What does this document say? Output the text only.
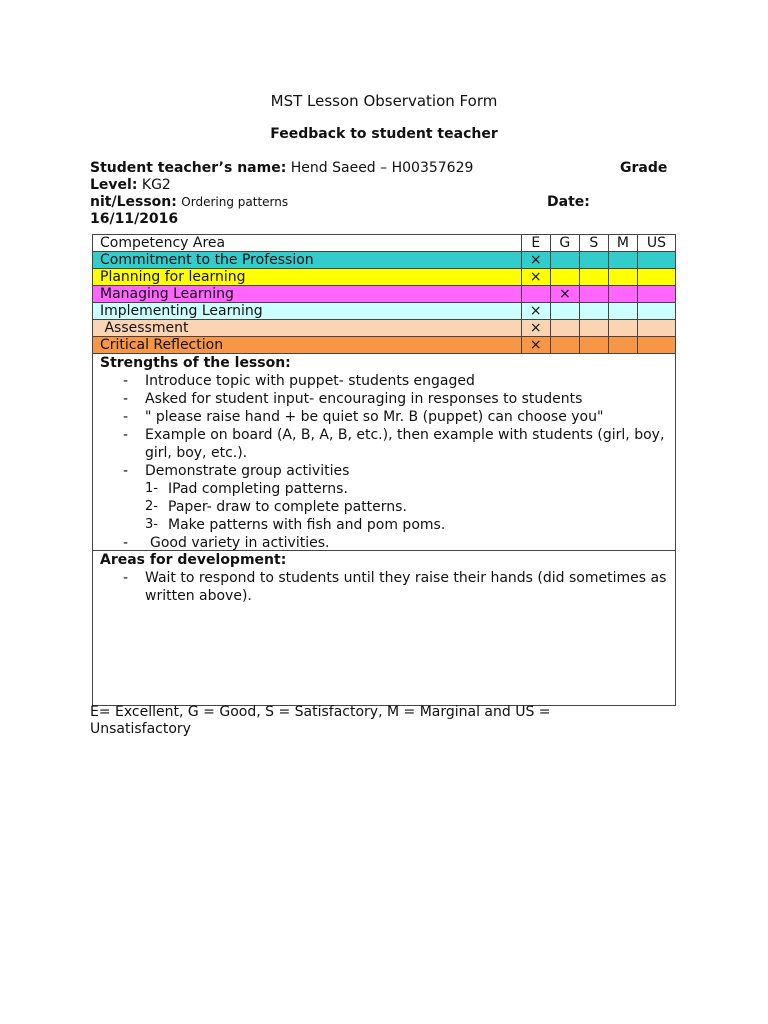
MST Lesson Observation Form
Feedback to student teacher
Student teacher’s name: Hend Saeed – H00357629	Grade
Level: KG2
nit/Lesson: Ordering patterns	Date:
16/11/2016
Competency Area	E	G	S	M	US
Commitment to the Profession	×				
Planning for learning	×				
Managing Learning		×			
Implementing Learning	×				
Assessment	×				
Critical Reflection	×				
Strengths of the lesson:
- Introduce topic with puppet- students engaged
- Asked for student input- encouraging in responses to students
- " please raise hand + be quiet so Mr. B (puppet) can choose you"
- Example on board (A, B, A, B, etc.), then example with students (girl, boy, girl, boy, etc.).
- Demonstrate group activities
1- IPad completing patterns.
2- Paper- draw to complete patterns.
3- Make patterns with fish and pom poms.
- Good variety in activities.
Areas for development:
- Wait to respond to students until they raise their hands (did sometimes as written above).
E= Excellent, G = Good, S = Satisfactory, M = Marginal and US = Unsatisfactory
